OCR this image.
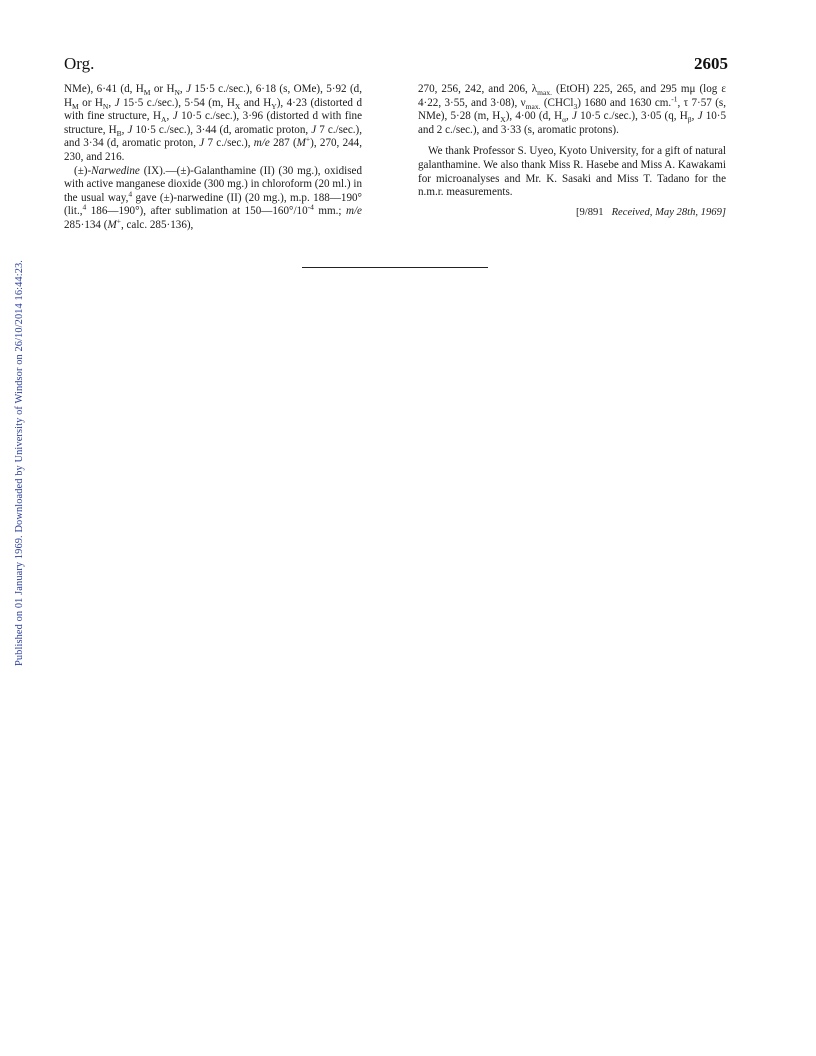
Published on 01 January 1969. Downloaded by University of Windsor on 26/10/2014 16:44:23.
Org.	2605

NMe), 6·41 (d, $H_M$ or $H_N$, J 15·5 c./sec.), 6·18 (s, OMe), 5·92 (d, $H_M$ or $H_N$, J 15·5 c./sec.), 5·54 (m, $H_X$ and $H_Y$), 4·23 (distorted d with fine structure, $H_A$, J 10·5 c./sec.), 3·96 (distorted d with fine structure, $H_B$, J 10·5 c./sec.), 3·44 (d, aromatic proton, J 7 c./sec.), and 3·34 (d, aromatic proton, J 7 c./sec.), m/e 287 (M+), 270, 244, 230, and 216.

(±)-Narwedine (IX).—(±)-Galanthamine (II) (30 mg.), oxidised with active manganese dioxide (300 mg.) in chloroform (20 ml.) in the usual way,$^4$ gave (±)-narwedine (II) (20 mg.), m.p. 188—190° (lit.,$^4$ 186—190°), after sublimation at $150—160^\circ/10^{-4}$ mm.; m/e 285·134 (M+, calc. 285·136),

270, 256, 242, and 206, $\lambda_{max.}$ (EtOH) 225, 265, and 295 mμ (log ε 4·22, 3·55, and 3·08), $\nu_{max.}$ (CHCl$_3$) 1680 and 1630 cm.$^{-1}$, τ 7·57 (s, NMe), 5·28 (m, $H_X$), 4·00 (d, $H_\alpha$, J 10·5 c./sec.), 3·05 (q, $H_\beta$, J 10·5 and 2 c./sec.), and 3·33 (s, aromatic protons).

We thank Professor S. Uyeo, Kyoto University, for a gift of natural galanthamine. We also thank Miss R. Hasebe and Miss A. Kawakami for microanalyses and Mr. K. Sasaki and Miss T. Tadano for the n.m.r. measurements.

[9/891 Received, May 28th, 1969]
